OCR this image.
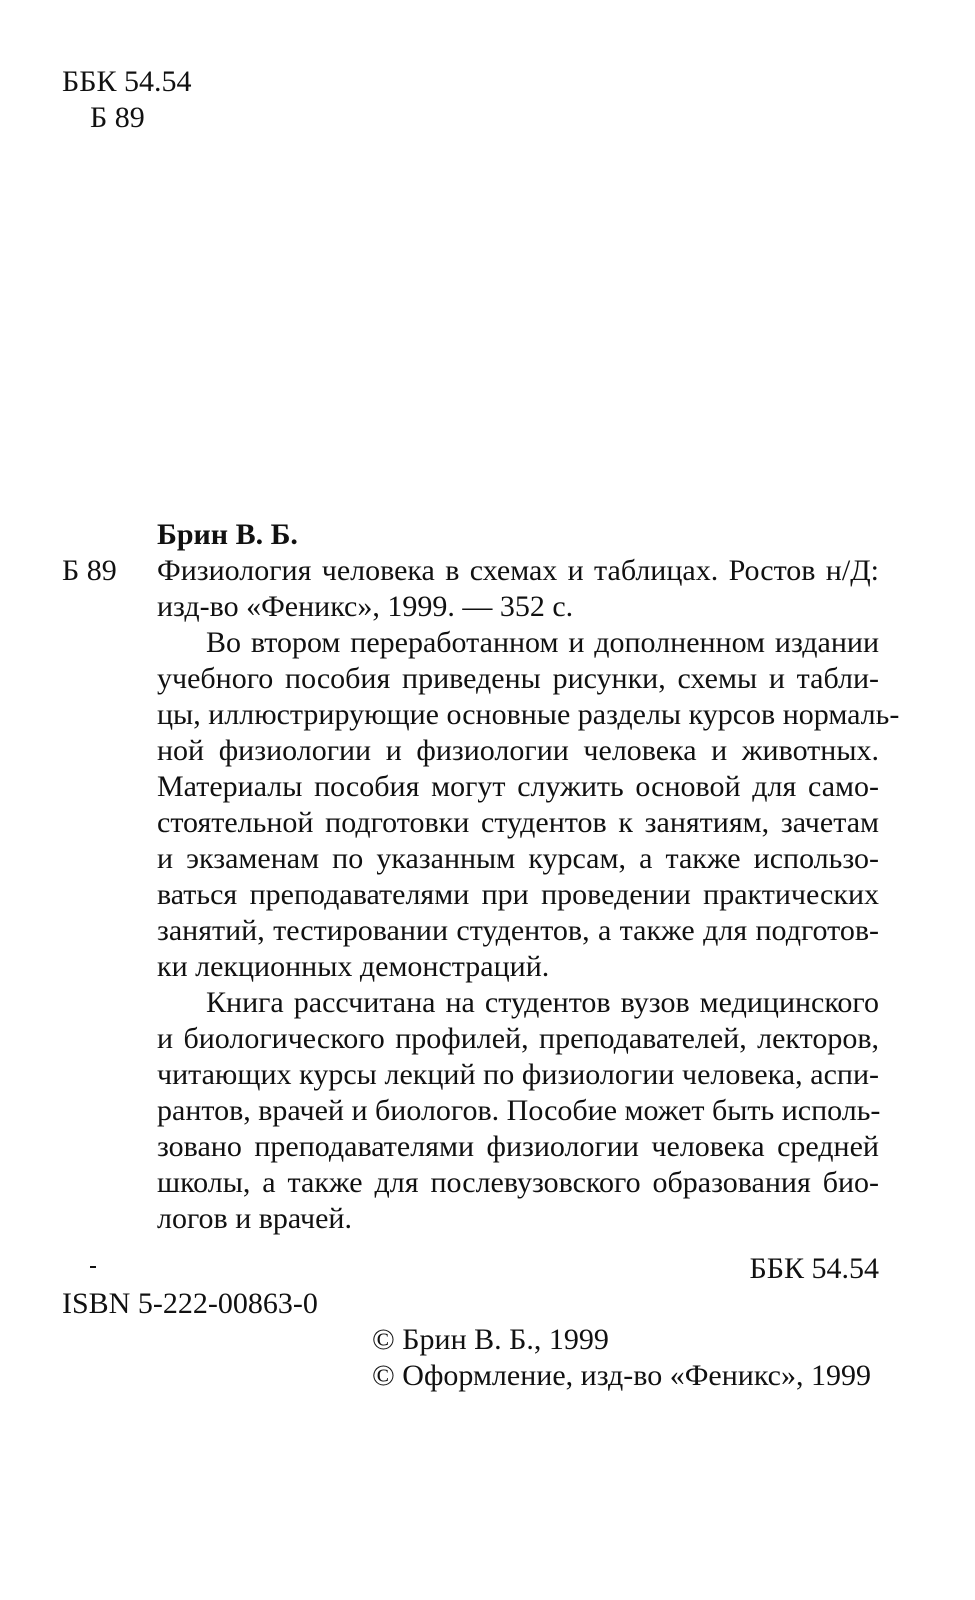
ББК 54.54
Б 89
Брин В. Б.
Б 89 Физиология человека в схемах и таблицах. Ростов н/Д:
изд-во «Феникс», 1999. — 352 с.
Во втором переработанном и дополненном издании
учебного пособия приведены рисунки, схемы и табли-
цы, иллюстрирующие основные разделы курсов нормаль-
ной физиологии и физиологии человека и животных.
Материалы пособия могут служить основой для само-
стоятельной подготовки студентов к занятиям, зачетам
и экзаменам по указанным курсам, а также использо-
ваться преподавателями при проведении практических
занятий, тестировании студентов, а также для подготов-
ки лекционных демонстраций.
Книга рассчитана на студентов вузов медицинского
и биологического профилей, преподавателей, лекторов,
читающих курсы лекций по физиологии человека, аспи-
рантов, врачей и биологов. Пособие может быть исполь-
зовано преподавателями физиологии человека средней
школы, а также для послевузовского образования био-
логов и врачей.
ББК 54.54
ISBN 5-222-00863-0
© Брин В. Б., 1999
© Оформление, изд-во «Феникс», 1999
